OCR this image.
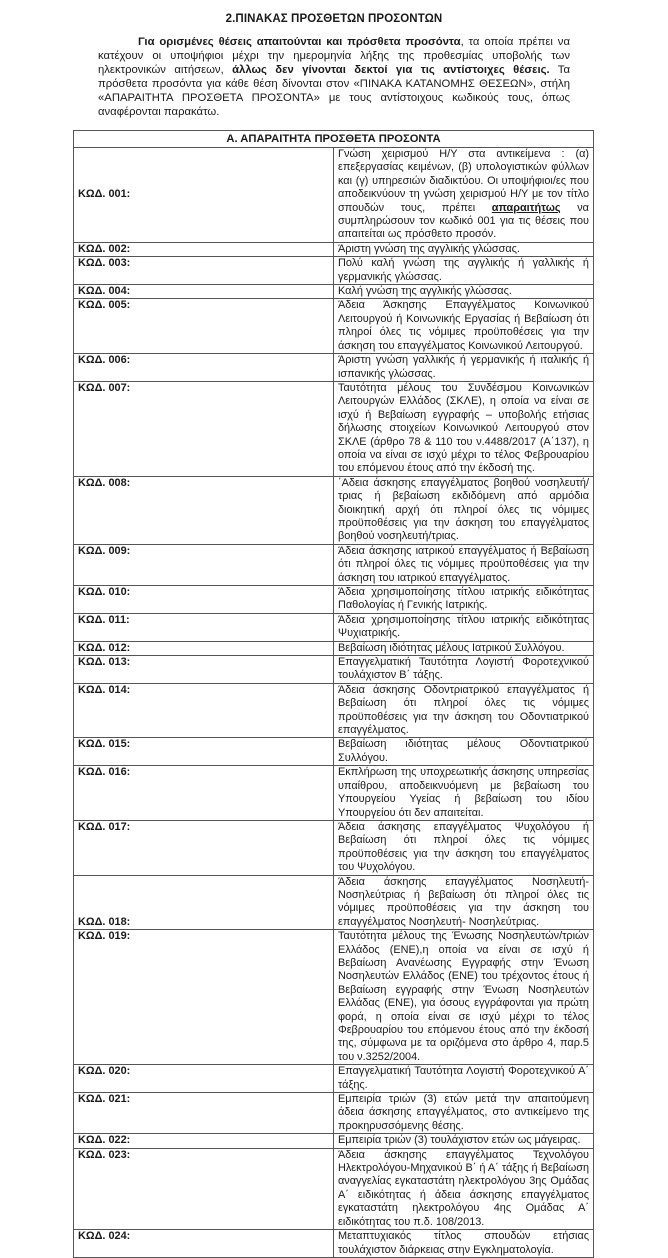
2.ΠΙΝΑΚΑΣ ΠΡΟΣΘΕΤΩΝ ΠΡΟΣΟΝΤΩΝ
Για ορισμένες θέσεις απαιτούνται και πρόσθετα προσόντα, τα οποία πρέπει να κατέχουν οι υποψήφιοι μέχρι την ημερομηνία λήξης της προθεσμίας υποβολής των ηλεκτρονικών αιτήσεων, άλλως δεν γίνονται δεκτοί για τις αντίστοιχες θέσεις. Τα πρόσθετα προσόντα για κάθε θέση δίνονται στον «ΠΙΝΑΚΑ ΚΑΤΑΝΟΜΗΣ ΘΕΣΕΩΝ», στήλη «ΑΠΑΡΑΙΤΗΤΑ ΠΡΟΣΘΕΤΑ ΠΡΟΣΟΝΤΑ» με τους αντίστοιχους κωδικούς τους, όπως αναφέρονται παρακάτω.
Α. ΑΠΑΡΑΙΤΗΤΑ ΠΡΟΣΘΕΤΑ ΠΡΟΣΟΝΤΑ	
ΚΩΔ. 001:	Γνώση χειρισμού Η/Υ στα αντικείμενα : (α) επεξεργασίας κειμένων, (β) υπολογιστικών φύλλων και (γ) υπηρεσιών διαδικτύου. Οι υποψήφιοι/ες που αποδεικνύουν τη γνώση χειρισμού Η/Υ με τον τίτλο σπουδών τους, πρέπει απαραιτήτως να συμπληρώσουν τον κωδικό 001 για τις θέσεις που απαιτείται ως πρόσθετο προσόν.
ΚΩΔ. 002:	Άριστη γνώση της αγγλικής γλώσσας.
ΚΩΔ. 003:	Πολύ καλή γνώση της αγγλικής ή γαλλικής ή γερμανικής γλώσσας.
ΚΩΔ. 004:	Καλή γνώση της αγγλικής γλώσσας.
ΚΩΔ. 005:	Άδεια Άσκησης Επαγγέλματος Κοινωνικού Λειτουργού ή Κοινωνικής Εργασίας ή Βεβαίωση ότι πληροί όλες τις νόμιμες προϋποθέσεις για την άσκηση του επαγγέλματος Κοινωνικού Λειτουργού.
ΚΩΔ. 006:	Άριστη γνώση γαλλικής ή γερμανικής ή ιταλικής ή ισπανικής γλώσσας.
ΚΩΔ. 007:	Ταυτότητα μέλους του Συνδέσμου Κοινωνικών Λειτουργών Ελλάδος (ΣΚΛΕ), η οποία να είναι σε ισχύ ή Βεβαίωση εγγραφής – υποβολής ετήσιας δήλωσης στοιχείων Κοινωνικού Λειτουργού στον ΣΚΛΕ (άρθρο 78 & 110 του ν.4488/2017 (Α΄137), η οποία να είναι σε ισχύ μέχρι το τέλος Φεβρουαρίου του επόμενου έτους από την έκδοσή της.
ΚΩΔ. 008:	΄Αδεια άσκησης επαγγέλματος βοηθού νοσηλευτή/τριας ή βεβαίωση εκδιδόμενη από αρμόδια διοικητική αρχή ότι πληροί όλες τις νόμιμες προϋποθέσεις για την άσκηση του επαγγέλματος βοηθού νοσηλευτή/τριας.
ΚΩΔ. 009:	Άδεια άσκησης ιατρικού επαγγέλματος ή Βεβαίωση ότι πληροί όλες τις νόμιμες προϋποθέσεις για την άσκηση του ιατρικού επαγγέλματος.
ΚΩΔ. 010:	Άδεια χρησιμοποίησης τίτλου ιατρικής ειδικότητας Παθολογίας ή Γενικής Ιατρικής.
ΚΩΔ. 011:	Άδεια χρησιμοποίησης τίτλου ιατρικής ειδικότητας Ψυχιατρικής.
ΚΩΔ. 012:	Βεβαίωση ιδιότητας μέλους Ιατρικού Συλλόγου.
ΚΩΔ. 013:	Επαγγελματική Ταυτότητα Λογιστή Φοροτεχνικού τουλάχιστον Β΄ τάξης.
ΚΩΔ. 014:	Άδεια άσκησης Οδοντριατρικού επαγγέλματος ή Βεβαίωση ότι πληροί όλες τις νόμιμες προϋποθέσεις για την άσκηση του Οδοντιατρικού επαγγέλματος.
ΚΩΔ. 015:	Βεβαίωση ιδιότητας μέλους Οδοντιατρικού Συλλόγου.
ΚΩΔ. 016:	Εκπλήρωση της υποχρεωτικής άσκησης υπηρεσίας υπαίθρου, αποδεικνυόμενη με βεβαίωση του Υπουργείου Υγείας ή βεβαίωση του ιδίου Υπουργείου ότι δεν απαιτείται.
ΚΩΔ. 017:	Άδεια άσκησης επαγγέλματος Ψυχολόγου ή Βεβαίωση ότι πληροί όλες τις νόμιμες προϋποθέσεις για την άσκηση του επαγγέλματος του Ψυχολόγου.
ΚΩΔ. 018:	Άδεια άσκησης επαγγέλματος Νοσηλευτή- Νοσηλεύτριας ή βεβαίωση ότι πληροί όλες τις νόμιμες προϋποθέσεις για την άσκηση του επαγγέλματος Νοσηλευτή- Νοσηλεύτριας.
ΚΩΔ. 019:	Ταυτότητα μέλους της Ένωσης Νοσηλευτών/τριών Ελλάδος (ΕΝΕ),η οποία να είναι σε ισχύ ή Βεβαίωση Ανανέωσης Εγγραφής στην Ένωση Νοσηλευτών Ελλάδος (ΕΝΕ) του τρέχοντος έτους ή Βεβαίωση εγγραφής στην Ένωση Νοσηλευτών Ελλάδας (ΕΝΕ), για όσους εγγράφονται για πρώτη φορά, η οποία είναι σε ισχύ μέχρι το τέλος Φεβρουαρίου του επόμενου έτους από την έκδοσή της, σύμφωνα με τα οριζόμενα στο άρθρο 4, παρ.5 του ν.3252/2004.
ΚΩΔ. 020:	Επαγγελματική Ταυτότητα Λογιστή Φοροτεχνικού Α΄ τάξης.
ΚΩΔ. 021:	Εμπειρία τριών (3) ετών μετά την απαιτούμενη άδεια άσκησης επαγγέλματος, στο αντικείμενο της προκηρυσσόμενης θέσης.
ΚΩΔ. 022:	Εμπειρία τριών (3) τουλάχιστον ετών ως μάγειρας.
ΚΩΔ. 023:	Άδεια άσκησης επαγγέλματος Τεχνολόγου Ηλεκτρολόγου-Μηχανικού Β΄ ή Α΄ τάξης ή Βεβαίωση αναγγελίας εγκαταστάτη ηλεκτρολόγου 3ης Ομάδας Α΄ ειδικότητας ή άδεια άσκησης επαγγέλματος εγκαταστάτη ηλεκτρολόγου 4ης Ομάδας Α΄ ειδικότητας του π.δ. 108/2013.
ΚΩΔ. 024:	Μεταπτυχιακός τίτλος σπουδών ετήσιας τουλάχιστον διάρκειας στην Εγκληματολογία.
